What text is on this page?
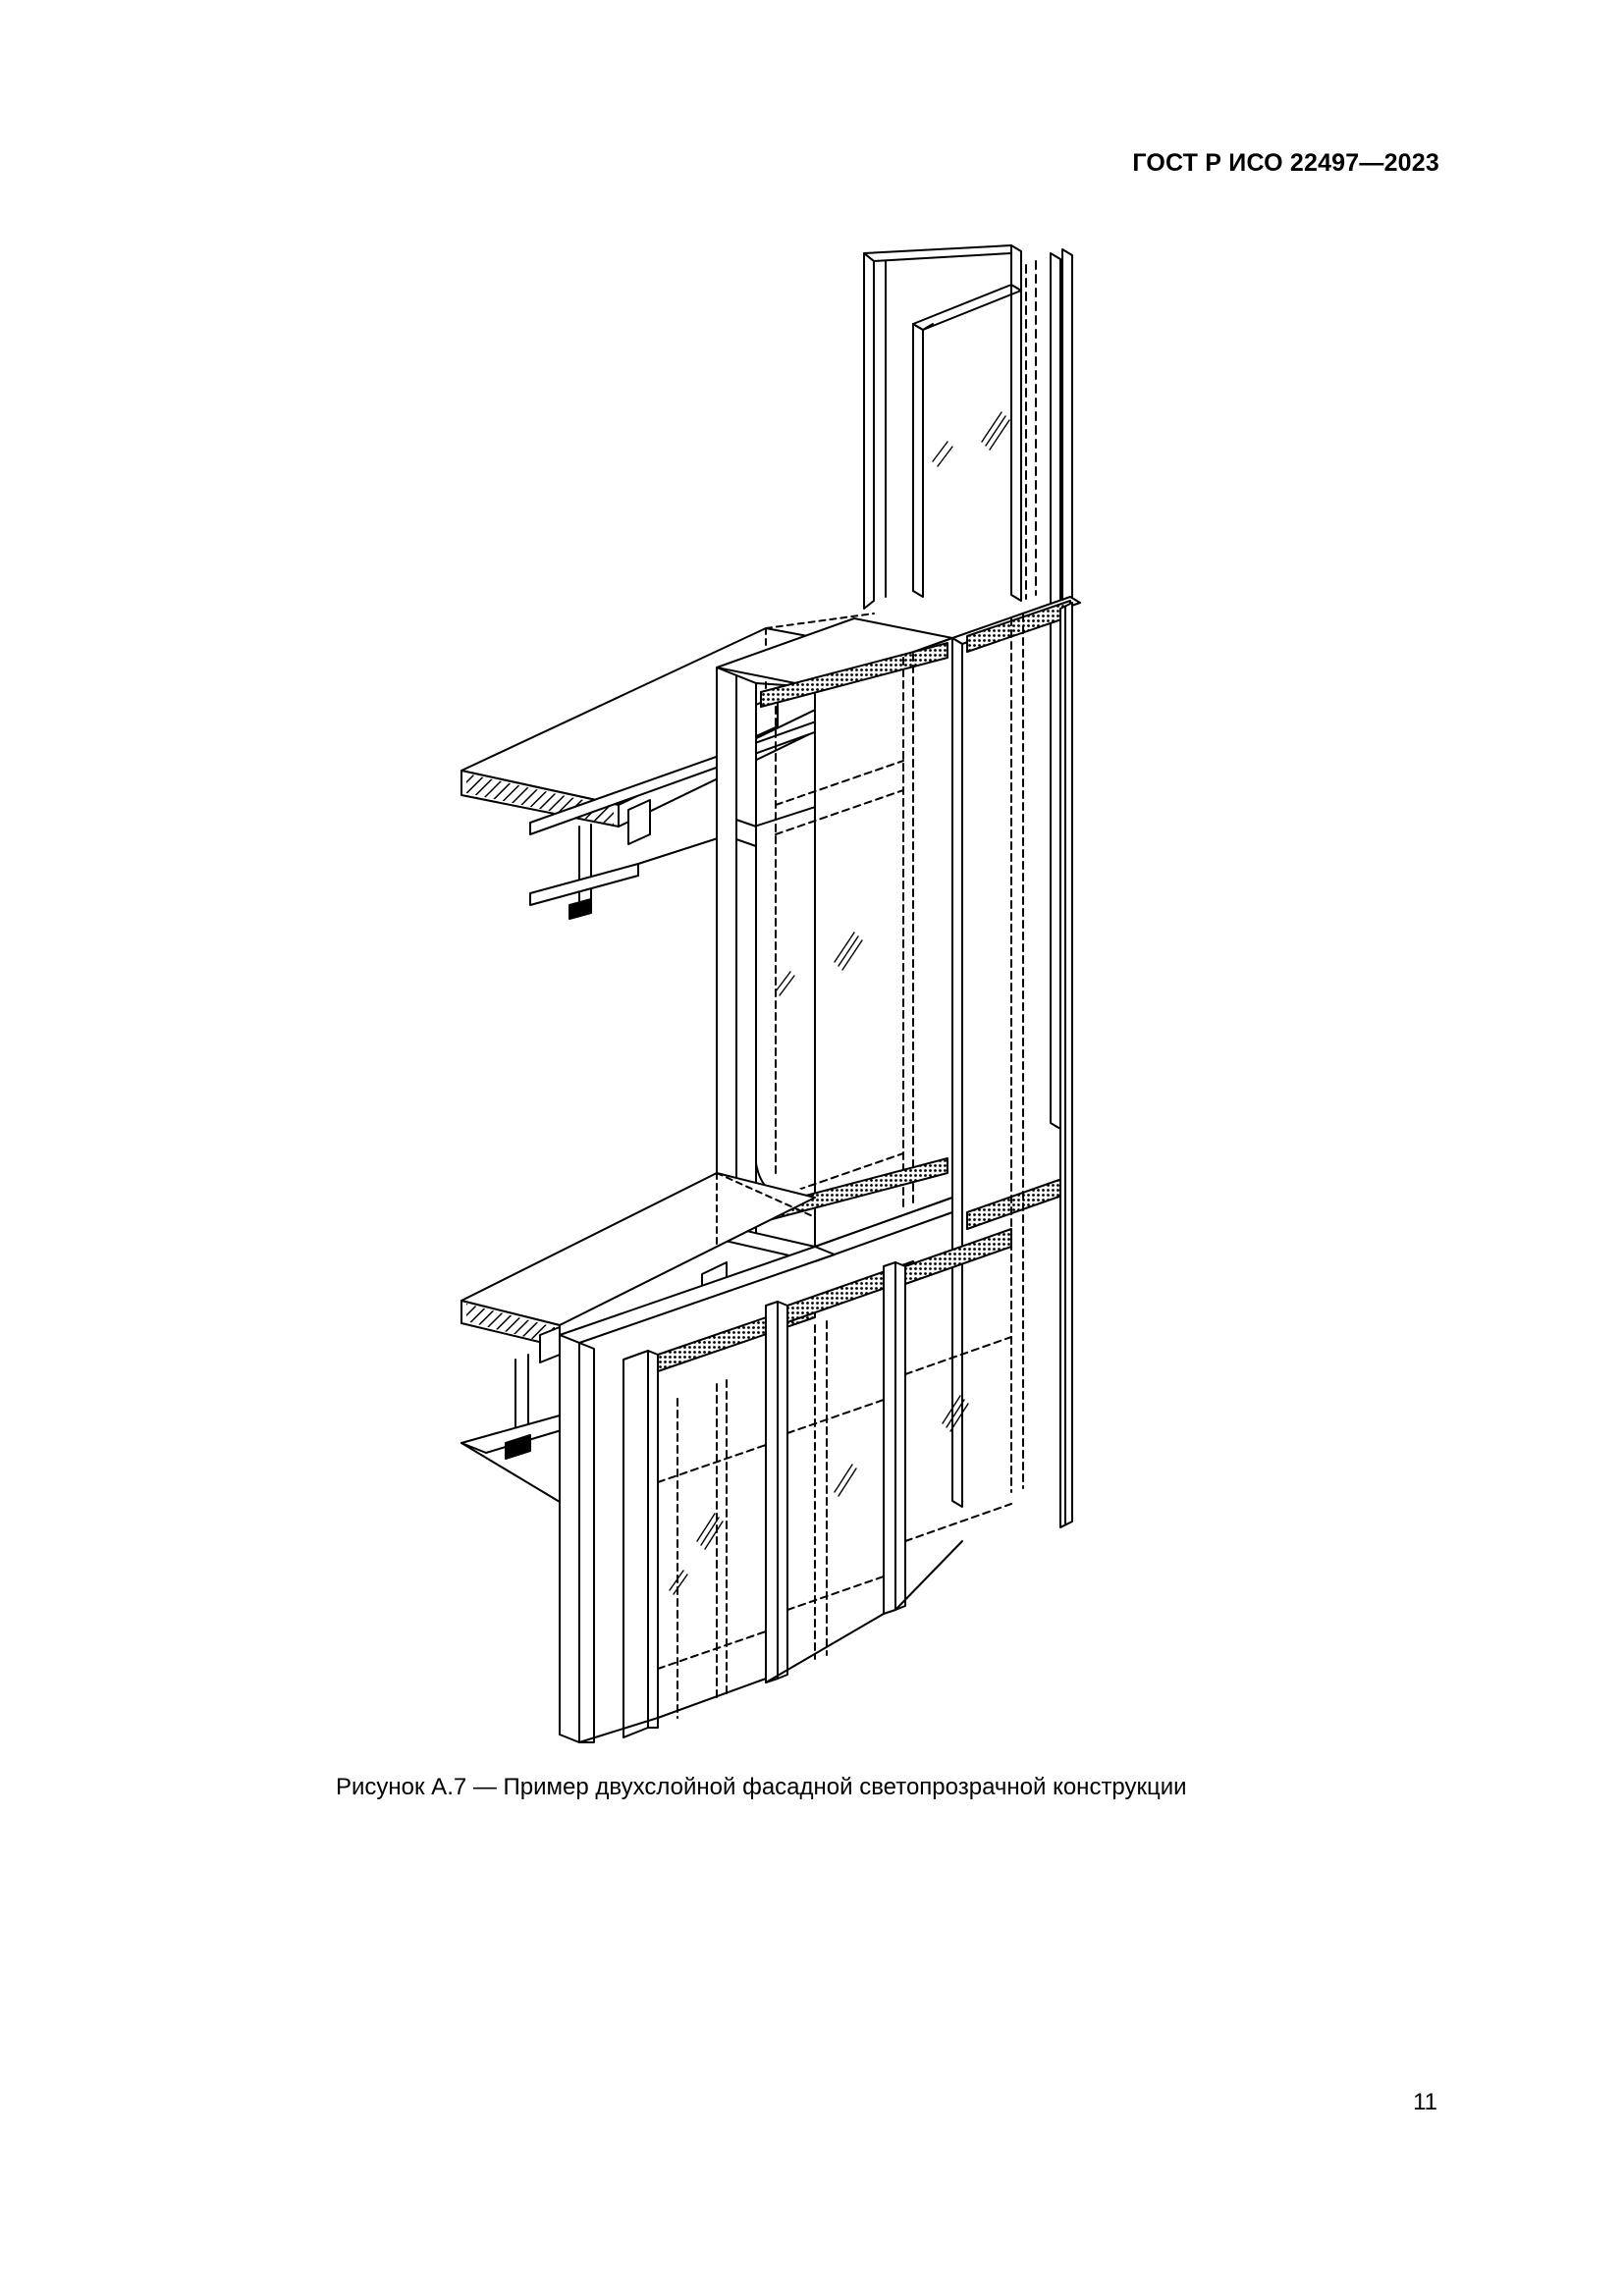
ГОСТ Р ИСО 22497—2023
Рисунок А.7 — Пример двухслойной фасадной светопрозрачной конструкции
11
